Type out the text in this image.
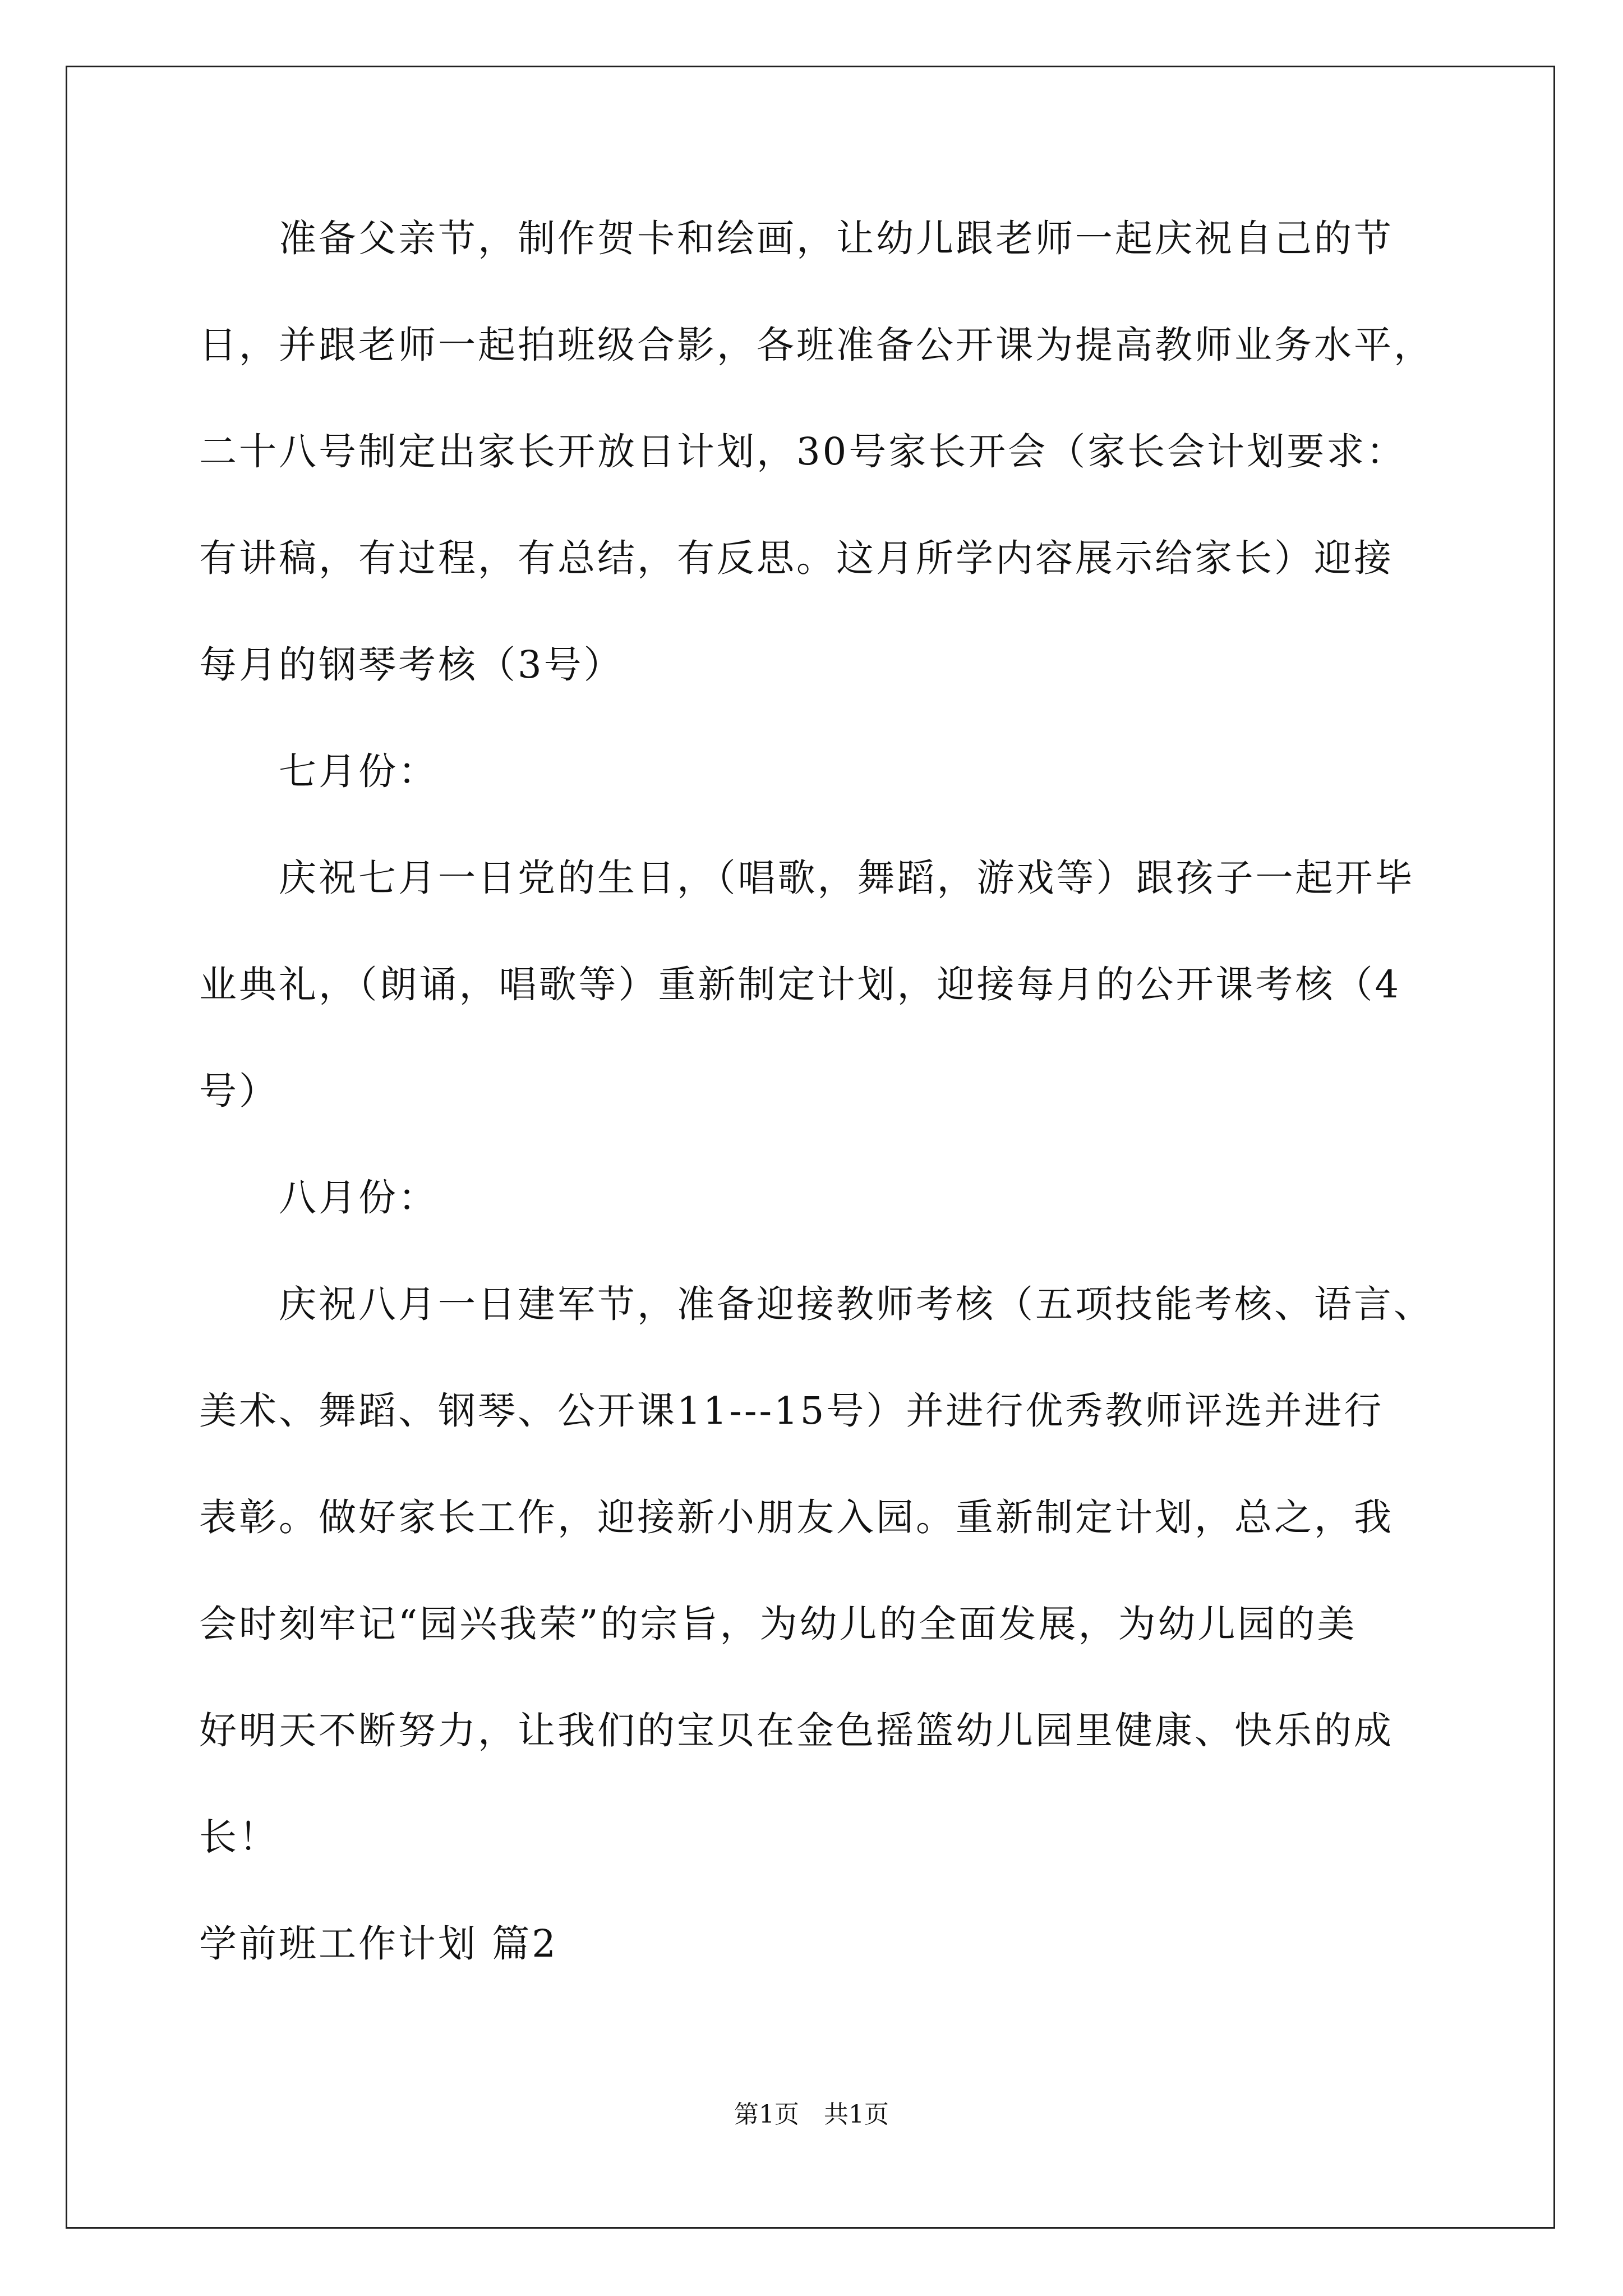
　　准备父亲节，制作贺卡和绘画，让幼儿跟老师一起庆祝自己的节
日，并跟老师一起拍班级合影，各班准备公开课为提高教师业务水平，
二十八号制定出家长开放日计划，30号家长开会（家长会计划要求：
有讲稿，有过程，有总结，有反思。这月所学内容展示给家长）迎接
每月的钢琴考核（3号）
　　七月份：
　　庆祝七月一日党的生日，（唱歌，舞蹈，游戏等）跟孩子一起开毕
业典礼，（朗诵，唱歌等）重新制定计划，迎接每月的公开课考核（4
号）
　　八月份：
　　庆祝八月一日建军节，准备迎接教师考核（五项技能考核、语言、
美术、舞蹈、钢琴、公开课11---15号）并进行优秀教师评选并进行
表彰。做好家长工作，迎接新小朋友入园。重新制定计划，总之，我
会时刻牢记“园兴我荣”的宗旨，为幼儿的全面发展，为幼儿园的美
好明天不断努力，让我们的宝贝在金色摇篮幼儿园里健康、快乐的成
长！
学前班工作计划 篇2
第1页　共1页
